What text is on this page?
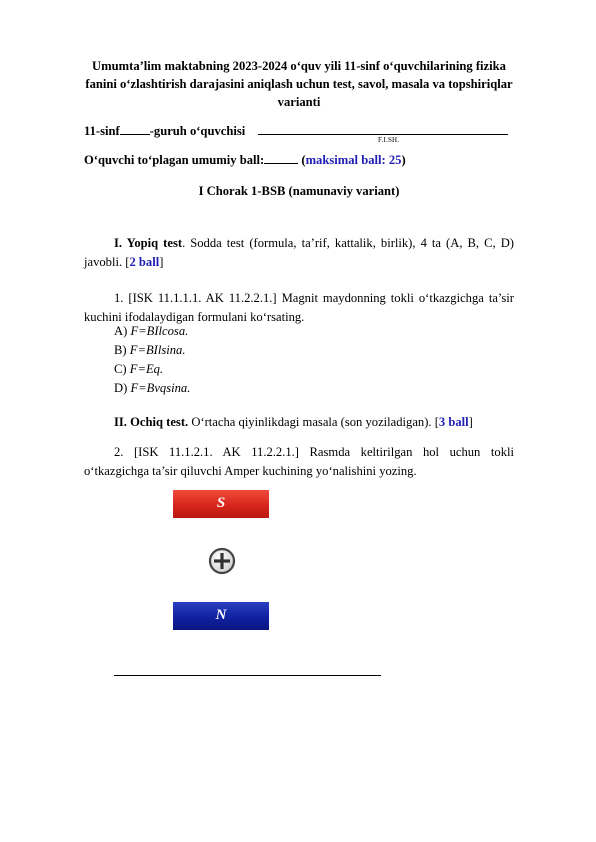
Umumta’lim maktabning 2023-2024 o‘quv yili 11-sinf o‘quvchilarining fizika fanini o‘zlashtirish darajasini aniqlash uchun test, savol, masala va topshiriqlar varianti
11-sinf -guruh o‘quvchisi
F.I.SH.
O‘quvchi to‘plagan umumiy ball:	(maksimal ball: 25)
I Chorak 1-BSB (namunaviy variant)
I. Yopiq test. Sodda test (formula, ta’rif, kattalik, birlik), 4 ta (A, B, C, D) javobli. [2 ball]
1. [ISK 11.1.1.1. AK 11.2.2.1.] Magnit maydonning tokli o‘tkazgichga ta’sir kuchini ifodalaydigan formulani ko‘rsating.
A) F=BIlcosa.
B) F=BIlsina.
C) F=Eq.
D) F=Bvqsina.
II. Ochiq test. O‘rtacha qiyinlikdagi masala (son yoziladigan). [3 ball]
2. [ISK 11.1.2.1. AK 11.2.2.1.] Rasmda keltirilgan hol uchun tokli o‘tkazgichga ta’sir qiluvchi Amper kuchining yo‘nalishini yozing.
S
N
